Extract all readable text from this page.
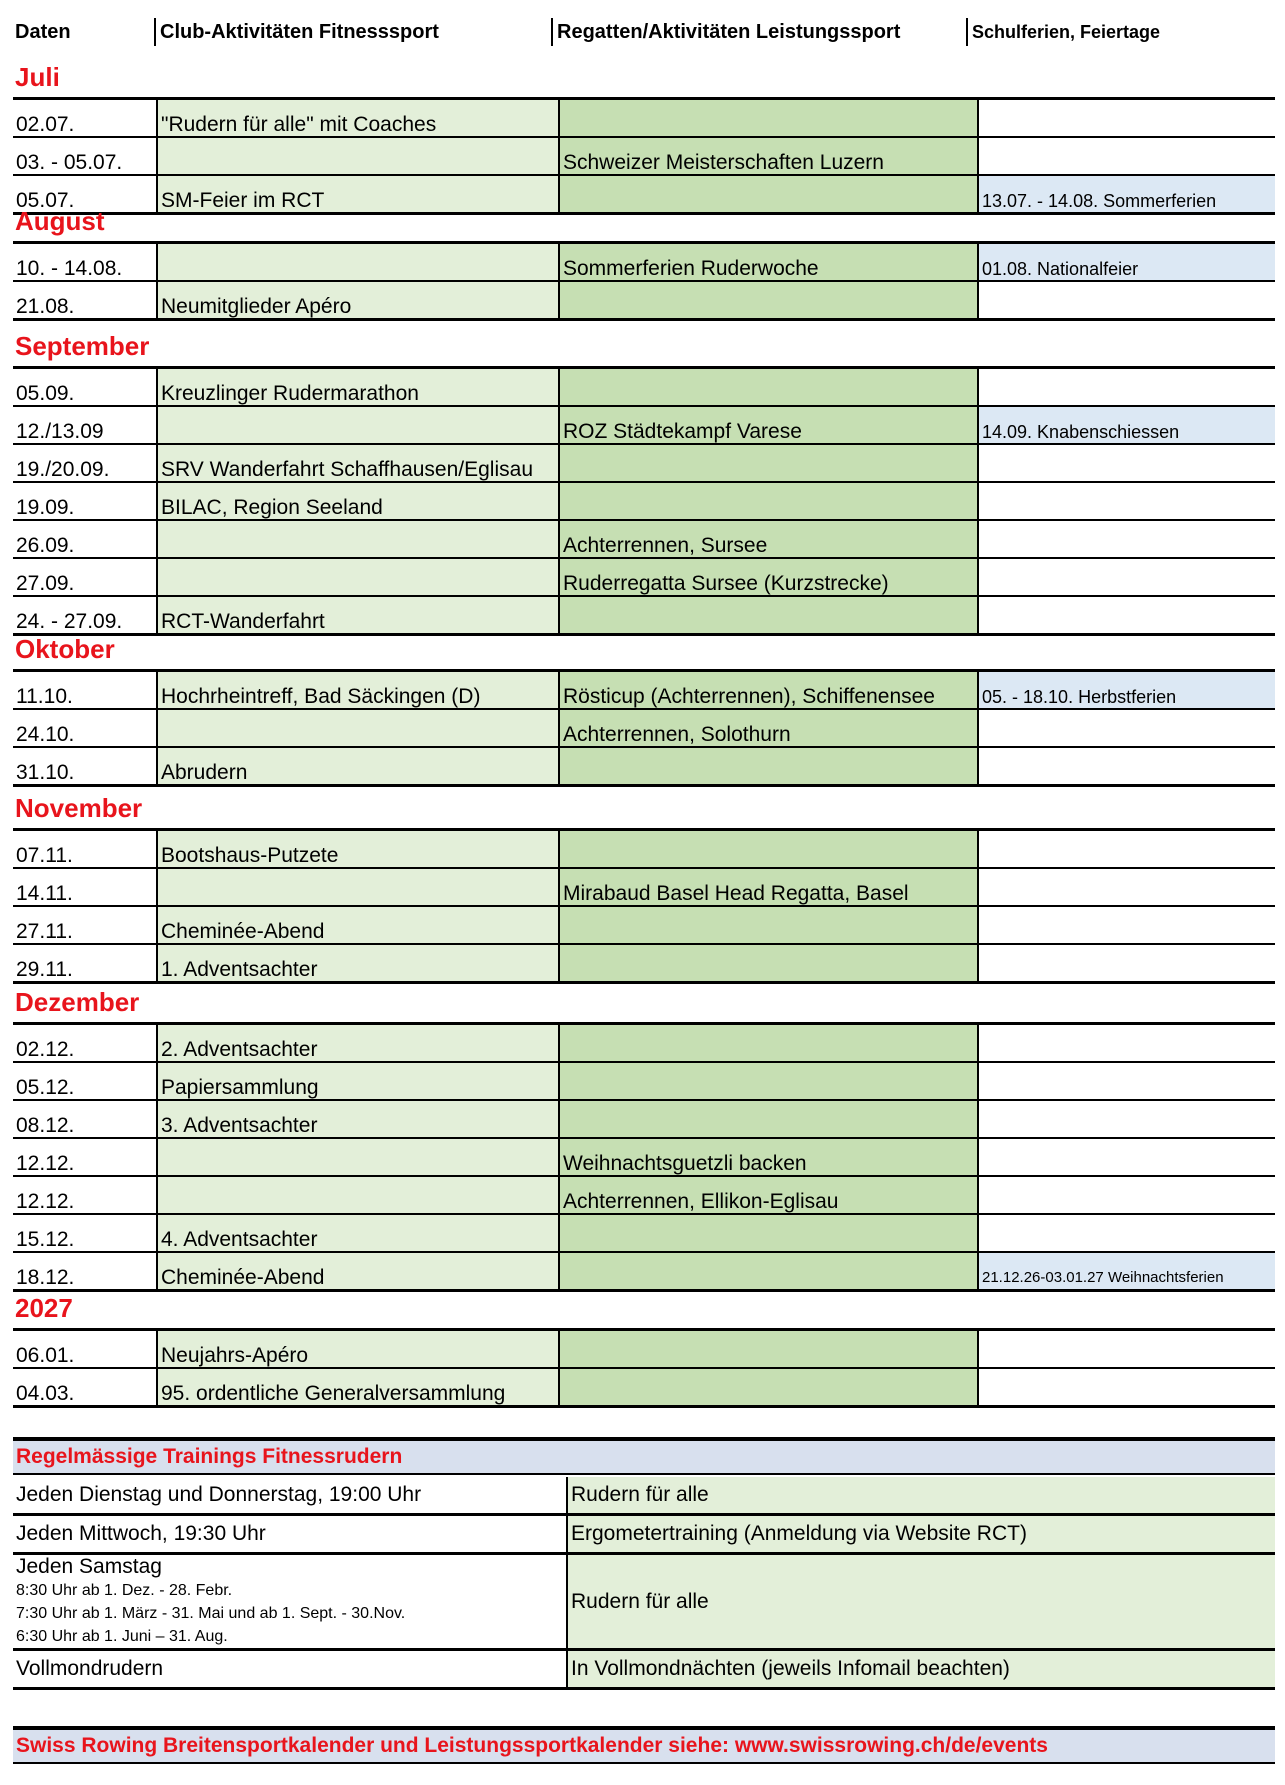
Daten	Club-Aktivitäten Fitnesssport	Regatten/Aktivitäten Leistungssport	Schulferien, Feiertage
Juli
02.07.	"Rudern für alle" mit Coaches		
03. - 05.07.		Schweizer Meisterschaften Luzern	
05.07.	SM-Feier im RCT		13.07. - 14.08. Sommerferien
August
10. - 14.08.		Sommerferien Ruderwoche	01.08. Nationalfeier
21.08.	Neumitglieder Apéro		
September
05.09.	Kreuzlinger Rudermarathon		
12./13.09		ROZ Städtekampf Varese	14.09. Knabenschiessen
19./20.09.	SRV Wanderfahrt Schaffhausen/Eglisau		
19.09.	BILAC, Region Seeland		
26.09.		Achterrennen, Sursee	
27.09.		Ruderregatta Sursee (Kurzstrecke)	
24. - 27.09.	RCT-Wanderfahrt		
Oktober
11.10.	Hochrheintreff, Bad Säckingen (D)	Rösticup (Achterrennen), Schiffenensee	05. - 18.10. Herbstferien
24.10.		Achterrennen, Solothurn	
31.10.	Abrudern		
November
07.11.	Bootshaus-Putzete		
14.11.		Mirabaud Basel Head Regatta, Basel	
27.11.	Cheminée-Abend		
29.11.	1. Adventsachter		
Dezember
02.12.	2. Adventsachter		
05.12.	Papiersammlung		
08.12.	3. Adventsachter		
12.12.		Weihnachtsguetzli backen	
12.12.		Achterrennen, Ellikon-Eglisau	
15.12.	4. Adventsachter		
18.12.	Cheminée-Abend		21.12.26-03.01.27 Weihnachtsferien
2027
06.01.	Neujahrs-Apéro		
04.03.	95. ordentliche Generalversammlung		
Regelmässige Trainings Fitnessrudern
Jeden Dienstag und Donnerstag, 19:00 Uhr	Rudern für alle

Jeden Mittwoch, 19:30 Uhr	Ergometertraining (Anmeldung via Website RCT)

Jeden Samstag
8:30 Uhr ab 1. Dez. - 28. Febr.
7:30 Uhr ab 1. März - 31. Mai und ab 1. Sept. - 30.Nov.
6:30 Uhr ab 1. Juni – 31. Aug.	Rudern für alle

Vollmondrudern	In Vollmondnächten (jeweils Infomail beachten)
Swiss Rowing Breitensportkalender und Leistungssportkalender siehe: www.swissrowing.ch/de/events
